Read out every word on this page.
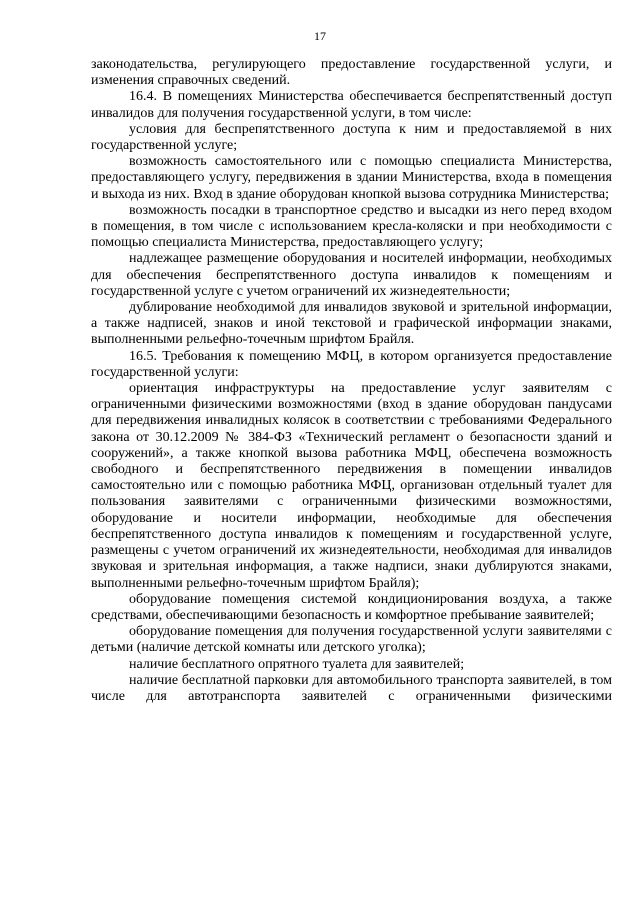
17

законодательства, регулирующего предоставление государственной услуги, и изменения справочных сведений.

16.4. В помещениях Министерства обеспечивается беспрепятственный доступ инвалидов для получения государственной услуги, в том числе:

условия для беспрепятственного доступа к ним и предоставляемой в них государственной услуге;

возможность самостоятельного или с помощью специалиста Министерства, предоставляющего услугу, передвижения в здании Министерства, входа в помещения и выхода из них. Вход в здание оборудован кнопкой вызова сотрудника Министерства;

возможность посадки в транспортное средство и высадки из него перед входом в помещения, в том числе с использованием кресла-коляски и при необходимости с помощью специалиста Министерства, предоставляющего услугу;

надлежащее размещение оборудования и носителей информации, необходимых для обеспечения беспрепятственного доступа инвалидов к помещениям и государственной услуге с учетом ограничений их жизнедеятельности;

дублирование необходимой для инвалидов звуковой и зрительной информации, а также надписей, знаков и иной текстовой и графической информации знаками, выполненными рельефно-точечным шрифтом Брайля.

16.5. Требования к помещению МФЦ, в котором организуется предоставление государственной услуги:

ориентация инфраструктуры на предоставление услуг заявителям с ограниченными физическими возможностями (вход в здание оборудован пандусами для передвижения инвалидных колясок в соответствии с требованиями Федерального закона от 30.12.2009 № 384-ФЗ «Технический регламент о безопасности зданий и сооружений», а также кнопкой вызова работника МФЦ, обеспечена возможность свободного и беспрепятственного передвижения в помещении инвалидов самостоятельно или с помощью работника МФЦ, организован отдельный туалет для пользования заявителями с ограниченными физическими возможностями, оборудование и носители информации, необходимые для обеспечения беспрепятственного доступа инвалидов к помещениям и государственной услуге, размещены с учетом ограничений их жизнедеятельности, необходимая для инвалидов звуковая и зрительная информация, а также надписи, знаки дублируются знаками, выполненными рельефно-точечным шрифтом Брайля);

оборудование помещения системой кондиционирования воздуха, а также средствами, обеспечивающими безопасность и комфортное пребывание заявителей;

оборудование помещения для получения государственной услуги заявителями с детьми (наличие детской комнаты или детского уголка);

наличие бесплатного опрятного туалета для заявителей;

наличие бесплатной парковки для автомобильного транспорта заявителей, в том числе для автотранспорта заявителей с ограниченными физическими
